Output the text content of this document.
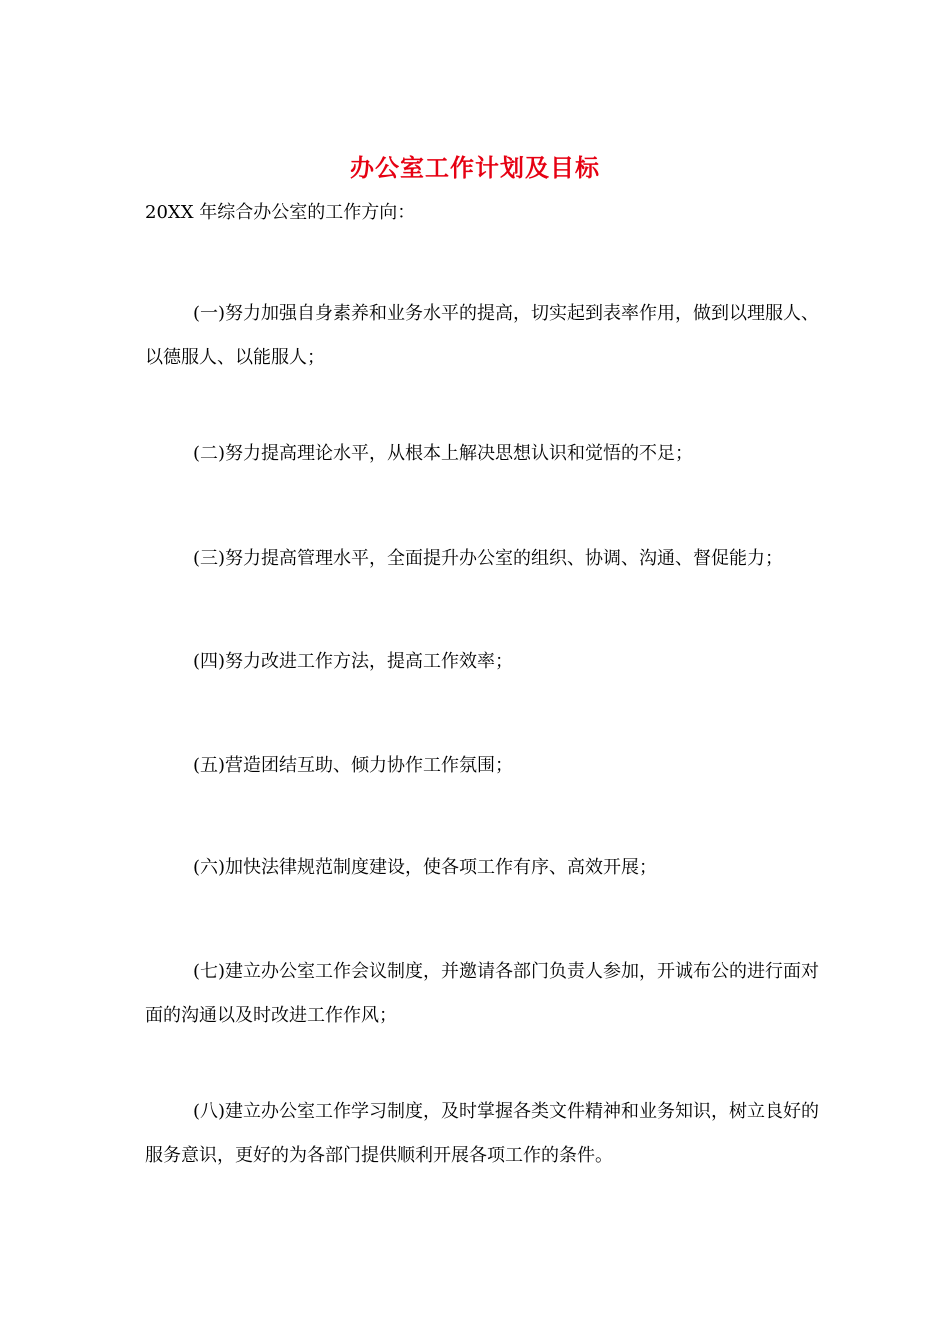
办公室工作计划及目标
20XX 年综合办公室的工作方向：

(一)努力加强自身素养和业务水平的提高，切实起到表率作用，做到以理服人、以德服人、以能服人；

(二)努力提高理论水平，从根本上解决思想认识和觉悟的不足；

(三)努力提高管理水平，全面提升办公室的组织、协调、沟通、督促能力；

(四)努力改进工作方法，提高工作效率；

(五)营造团结互助、倾力协作工作氛围；

(六)加快法律规范制度建设，使各项工作有序、高效开展；

(七)建立办公室工作会议制度，并邀请各部门负责人参加，开诚布公的进行面对面的沟通以及时改进工作作风；

(八)建立办公室工作学习制度，及时掌握各类文件精神和业务知识，树立良好的服务意识，更好的为各部门提供顺利开展各项工作的条件。
